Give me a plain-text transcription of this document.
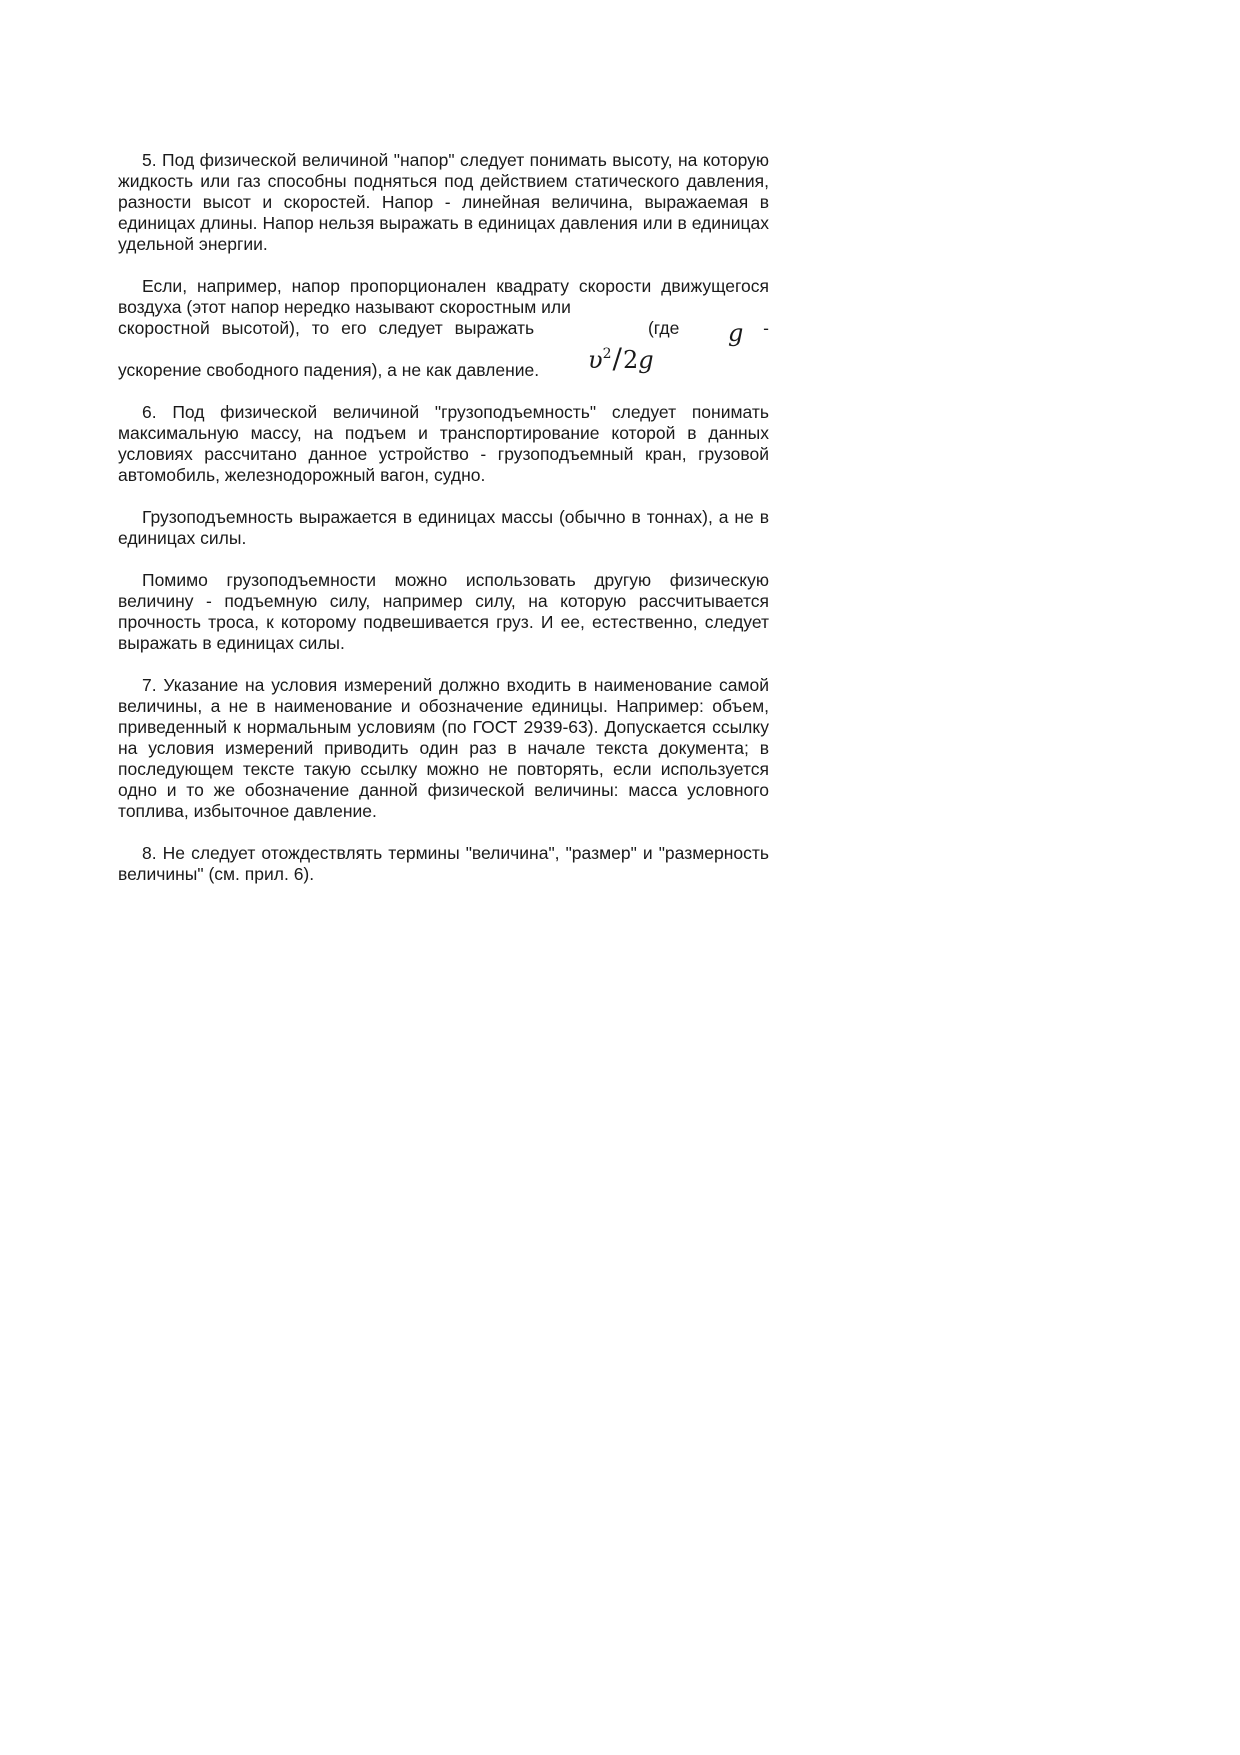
5. Под физической величиной "напор" следует понимать высоту, на которую жидкость или газ способны подняться под действием статического давления, разности высот и скоростей. Напор - линейная величина, выражаемая в единицах длины. Напор нельзя выражать в единицах давления или в единицах удельной энергии.

Если, например, напор пропорционален квадрату скорости движущегося воздуха (этот напор нередко называют скоростным или

скоростной высотой), то его следует выражать	(где	-
$\upsilon^2/2g$
g
ускорение свободного падения), а не как давление.

6. Под физической величиной "грузоподъемность" следует понимать максимальную массу, на подъем и транспортирование которой в данных условиях рассчитано данное устройство - грузоподъемный кран, грузовой автомобиль, железнодорожный вагон, судно.

Грузоподъемность выражается в единицах массы (обычно в тоннах), а не в единицах силы.

Помимо грузоподъемности можно использовать другую физическую величину - подъемную силу, например силу, на которую рассчитывается прочность троса, к которому подвешивается груз. И ее, естественно, следует выражать в единицах силы.

7. Указание на условия измерений должно входить в наименование самой величины, а не в наименование и обозначение единицы. Например: объем, приведенный к нормальным условиям (по ГОСТ 2939-63). Допускается ссылку на условия измерений приводить один раз в начале текста документа; в последующем тексте такую ссылку можно не повторять, если используется одно и то же обозначение данной физической величины: масса условного топлива, избыточное давление.

8. Не следует отождествлять термины "величина", "размер" и "размерность величины" (см. прил. 6).
